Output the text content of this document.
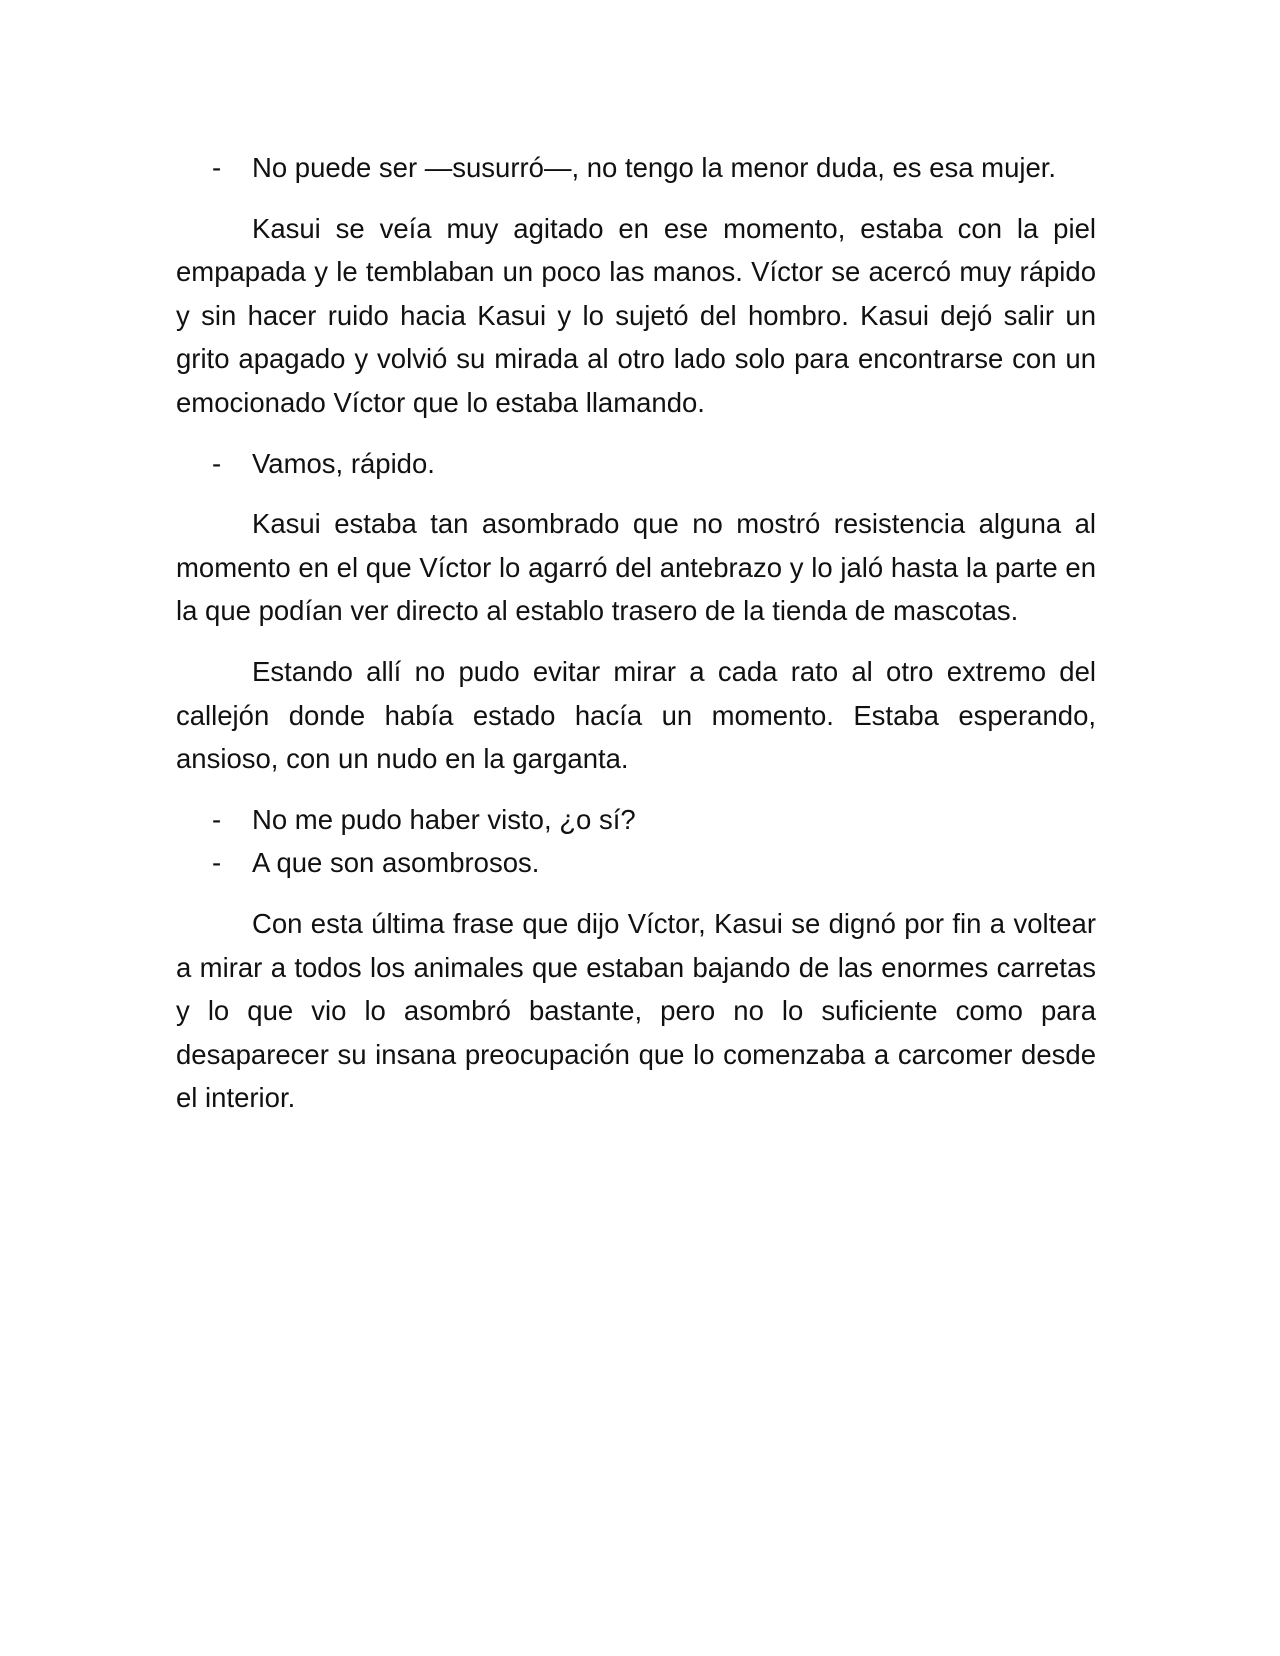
- No puede ser —susurró—, no tengo la menor duda, es esa mujer.

Kasui se veía muy agitado en ese momento, estaba con la piel empapada y le temblaban un poco las manos. Víctor se acercó muy rápido y sin hacer ruido hacia Kasui y lo sujetó del hombro. Kasui dejó salir un grito apagado y volvió su mirada al otro lado solo para encontrarse con un emocionado Víctor que lo estaba llamando.

- Vamos, rápido.

Kasui estaba tan asombrado que no mostró resistencia alguna al momento en el que Víctor lo agarró del antebrazo y lo jaló hasta la parte en la que podían ver directo al establo trasero de la tienda de mascotas.

Estando allí no pudo evitar mirar a cada rato al otro extremo del callejón donde había estado hacía un momento. Estaba esperando, ansioso, con un nudo en la garganta.

- No me pudo haber visto, ¿o sí?
- A que son asombrosos.

Con esta última frase que dijo Víctor, Kasui se dignó por fin a voltear a mirar a todos los animales que estaban bajando de las enormes carretas y lo que vio lo asombró bastante, pero no lo suficiente como para desaparecer su insana preocupación que lo comenzaba a carcomer desde el interior.
